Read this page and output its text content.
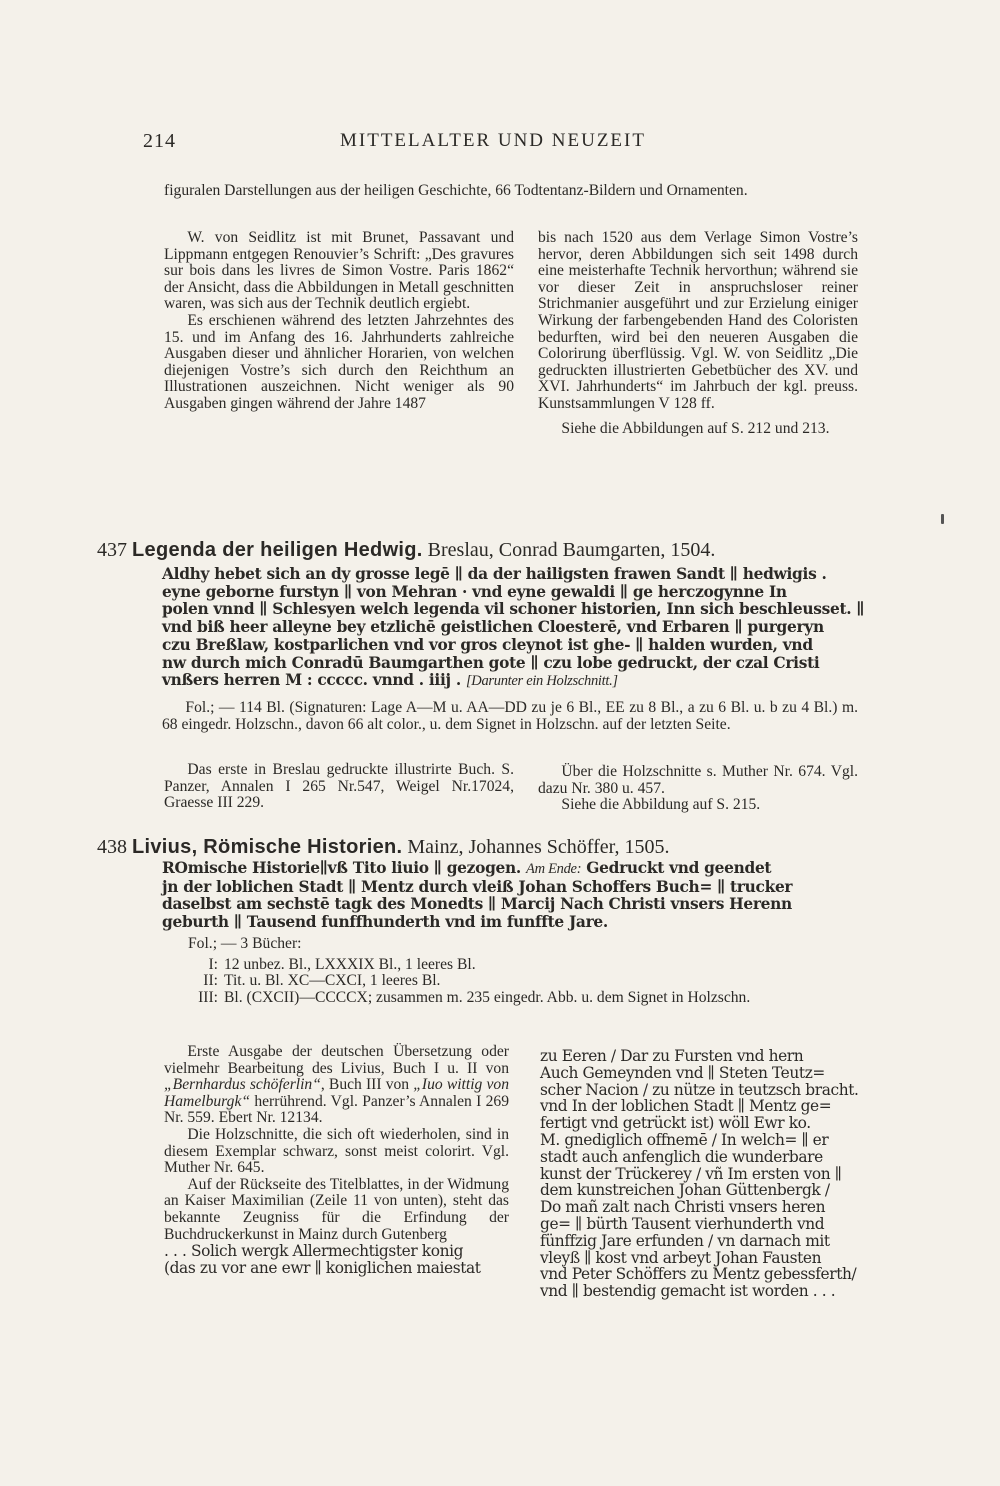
214	MITTELALTER UND NEUZEIT

figuralen Darstellungen aus der heiligen Geschichte, 66 Todtentanz-Bildern und Ornamenten.

W. von Seidlitz ist mit Brunet, Passavant und Lippmann entgegen Renouvier’s Schrift: „Des gravures sur bois dans les livres de Simon Vostre. Paris 1862“ der Ansicht, dass die Abbildungen in Metall geschnitten waren, was sich aus der Technik deutlich ergiebt.

Es erschienen während des letzten Jahrzehntes des 15. und im Anfang des 16. Jahrhunderts zahlreiche Ausgaben dieser und ähnlicher Horarien, von welchen diejenigen Vostre’s sich durch den Reichthum an Illustrationen auszeichnen. Nicht weniger als 90 Ausgaben gingen während der Jahre 1487

bis nach 1520 aus dem Verlage Simon Vostre’s hervor, deren Abbildungen sich seit 1498 durch eine meisterhafte Technik hervorthun; während sie vor dieser Zeit in anspruchsloser reiner Strichmanier ausgeführt und zur Erzielung einiger Wirkung der farbengebenden Hand des Coloristen bedurften, wird bei den neueren Ausgaben die Colorirung überflüssig. Vgl. W. von Seidlitz „Die gedruckten illustrierten Gebetbücher des XV. und XVI. Jahrhunderts“ im Jahrbuch der kgl. preuss. Kunstsammlungen V 128 ff.

Siehe die Abbildungen auf S. 212 und 213.

437 Legenda der heiligen Hedwig. Breslau, Conrad Baumgarten, 1504.

Aldhy hebet sich an dy grosse legē ∥ da der hailigsten frawen Sandt ∥ hedwigis .
eyne geborne furstyn ∥ von Mehran · vnd eyne gewaldi ∥ ge herczogynne In
polen vnnd ∥ Schlesyen welch legenda vil schoner historien, Inn sich beschleusset. ∥
vnd biß heer alleyne bey etzlichē geistlichen Cloesterē, vnd Erbaren ∥ purgeryn
czu Breßlaw, kostparlichen vnd vor gros cleynot ist ghe- ∥ halden wurden, vnd
nw durch mich Conradū Baumgarthen gote ∥ czu lobe gedruckt, der czal Cristi
vnßers herren M : ccccc. vnnd . iiij . [Darunter ein Holzschnitt.]

Fol.; — 114 Bl. (Signaturen: Lage A—M u. AA—DD zu je 6 Bl., EE zu 8 Bl., a zu 6 Bl. u. b zu 4 Bl.) m. 68 eingedr. Holzschn., davon 66 alt color., u. dem Signet in Holzschn. auf der letzten Seite.

Das erste in Breslau gedruckte illustrirte Buch. S. Panzer, Annalen I 265 Nr.547, Weigel Nr.17024, Graesse III 229.

Über die Holzschnitte s. Muther Nr. 674. Vgl. dazu Nr. 380 u. 457.

Siehe die Abbildung auf S. 215.

438 Livius, Römische Historien. Mainz, Johannes Schöffer, 1505.

ROmische Historie∥vß Tito liuio ∥ gezogen. Am Ende: Gedruckt vnd geendet
jn der loblichen Stadt ∥ Mentz durch vleiß Johan Schoffers Buch= ∥ trucker
daselbst am sechstē tagk des Monedts ∥ Marcij Nach Christi vnsers Herenn
geburth ∥ Tausend funffhunderth vnd im funffte Jare.

Fol.; — 3 Bücher:

I: 12 unbez. Bl., LXXXIX Bl., 1 leeres Bl.
II: Tit. u. Bl. XC—CXCI, 1 leeres Bl.
III: Bl. (CXCII)—CCCCX; zusammen m. 235 eingedr. Abb. u. dem Signet in Holzschn.

Erste Ausgabe der deutschen Übersetzung oder vielmehr Bearbeitung des Livius, Buch I u. II von „Bernhardus schöferlin“, Buch III von „Iuo wittig von Hamelburgk“ herrührend. Vgl. Panzer’s Annalen I 269 Nr. 559. Ebert Nr. 12134.

Die Holzschnitte, die sich oft wiederholen, sind in diesem Exemplar schwarz, sonst meist colorirt. Vgl. Muther Nr. 645.

Auf der Rückseite des Titelblattes, in der Widmung an Kaiser Maximilian (Zeile 11 von unten), steht das bekannte Zeugniss für die Erfindung der Buchdruckerkunst in Mainz durch Gutenberg

. . . Solich wergk Allermechtigster konig
(das zu vor ane ewr ∥ koniglichen maiestat

zu Eeren / Dar zu Fursten vnd hern
Auch Gemeynden vnd ∥ Steten Teutz=
scher Nacion / zu nütze in teutzsch bracht.
vnd In der loblichen Stadt ∥ Mentz ge=
fertigt vnd getrückt ist) wöll Ewr ko.
M. gnediglich offnemē / In welch= ∥ er
stadt auch anfenglich die wunderbare
kunst der Trückerey / vñ Im ersten von ∥
dem kunstreichen Johan Güttenbergk /
Do mañ zalt nach Christi vnsers heren
ge= ∥ bürth Tausent vierhunderth vnd
fünffzig Jare erfunden / vn darnach mit
vleyß ∥ kost vnd arbeyt Johan Fausten
vnd Peter Schöffers zu Mentz gebessferth/
vnd ∥ bestendig gemacht ist worden . . .
